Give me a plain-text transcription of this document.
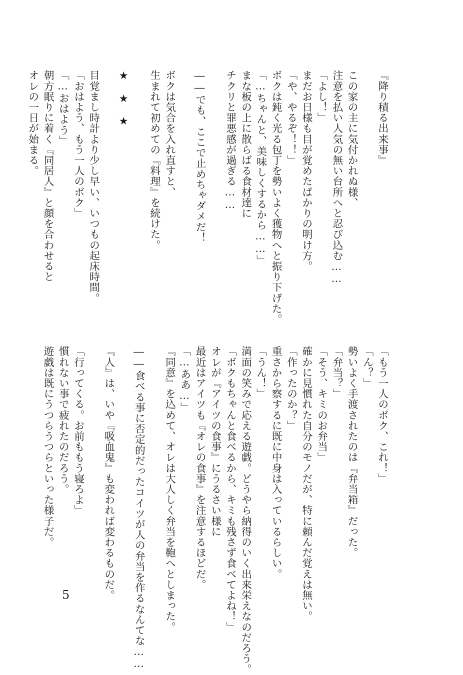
『降り積る出来事』

この家の主に気付かれぬ様、
注意を払い人気の無い台所へと忍び込む……
「よし！」
まだお日様も目が覚めたばかりの明け方。
「や、やるぞ！！」
ボクは鈍く光る包丁を勢いよく獲物へと振り下げた。
「…ちゃんと、美味しくするから……」
まな板の上に散らばる食材達に
チクリと罪悪感が過ぎる……

――でも、ここで止めちゃダメだ！

ボクは気合を入れ直すと、
生まれて初めての『料理』を続けた。

★　★　★

目覚まし時計より少し早い、いつもの起床時間。
「おはよう、もう一人のボク」
「…おはよう」
朝方眠りに着く『同居人』と顔を合わせると
オレの一日が始まる。
「もう一人のボク、これ！」
「ん？」
勢いよく手渡されたのは『弁当箱』だった。
「弁当？」
「そう、キミのお弁当」
確かに見慣れた自分のモノだが、特に頼んだ覚えは無い。
「作ったのか？」
重さから察するに既に中身は入っているらしい。
「うん！」
満面の笑みで応える遊戯。どうやら納得のいく出来栄えなのだろう。
「ボクもちゃんと食べるから、キミも残さず食べてよね！」
オレが『アイツの食事』にうるさい様に
最近はアイツも『オレの食事』を注意するほどだ。
「…ああ…」
『同意』を込めて、オレは大人しく弁当を鞄へとしまった。

――食べる事に否定的だったコイツが人の弁当を作るなんてな……

『人』は、いや『吸血鬼』も変われば変わるものだ。

「行ってくる。お前ももう寝ろよ」
慣れない事で疲れたのだろう。
遊戯は既にうつらうつらといった様子だ。
5
